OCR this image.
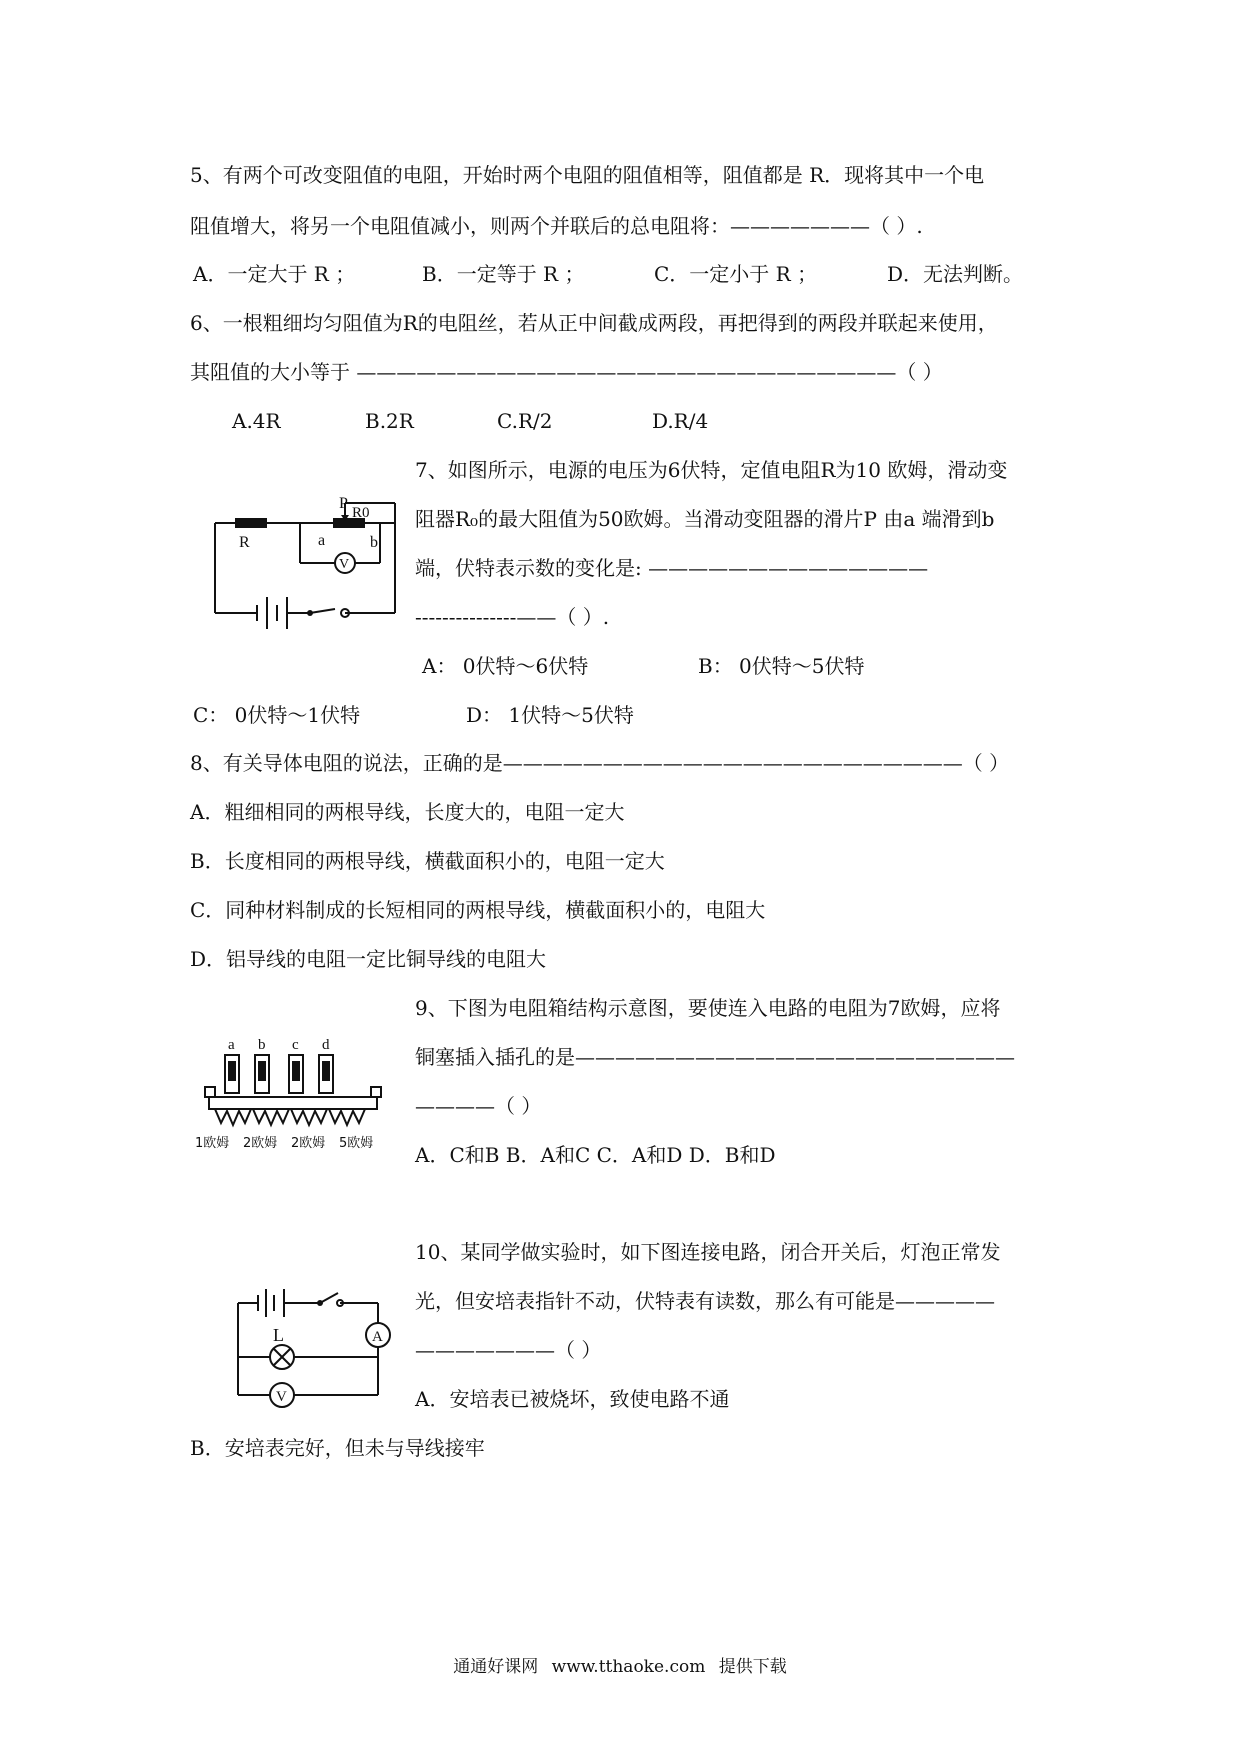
5、有两个可改变阻值的电阻，开始时两个电阻的阻值相等，阻值都是 R．现将其中一个电
阻值增大，将另一个电阻值减小，则两个并联后的总电阻将：———————（ ）.
A．一定大于 R ；	B．一定等于 R ；	C．一定小于 R ；	D．无法判断。
6、一根粗细均匀阻值为R的电阻丝，若从正中间截成两段，再把得到的两段并联起来使用，
其阻值的大小等于 ———————————————————————————（ ）
A.4R	B.2R	C.R/2	D.R/4
7、如图所示，电源的电压为6伏特，定值电阻R为10 欧姆，滑动变
阻器R₀的最大阻值为50欧姆。当滑动变阻器的滑片P 由a 端滑到b
端，伏特表示数的变化是: ——————————————
---------------——（ ）.
A： 0伏特～6伏特	B： 0伏特～5伏特
C： 0伏特～1伏特	D： 1伏特～5伏特
R
P
R0
a	b
V
8、有关导体电阻的说法，正确的是———————————————————————（ ）
A．粗细相同的两根导线，长度大的，电阻一定大
B．长度相同的两根导线，横截面积小的，电阻一定大
C．同种材料制成的长短相同的两根导线，横截面积小的，电阻大
D．铝导线的电阻一定比铜导线的电阻大
9、下图为电阻箱结构示意图，要使连入电路的电阻为7欧姆，应将
铜塞插入插孔的是——————————————————————
————（ ）
A．C和B B．A和C C．A和D D．B和D
a b c d
1欧姆 2欧姆 2欧姆 5欧姆
10、某同学做实验时，如下图连接电路，闭合开关后，灯泡正常发
光，但安培表指针不动，伏特表有读数，那么有可能是—————
———————（ ）
A．安培表已被烧坏，致使电路不通
B．安培表完好，但未与导线接牢
L	A
V
通通好课网 www.tthaoke.com 提供下载
